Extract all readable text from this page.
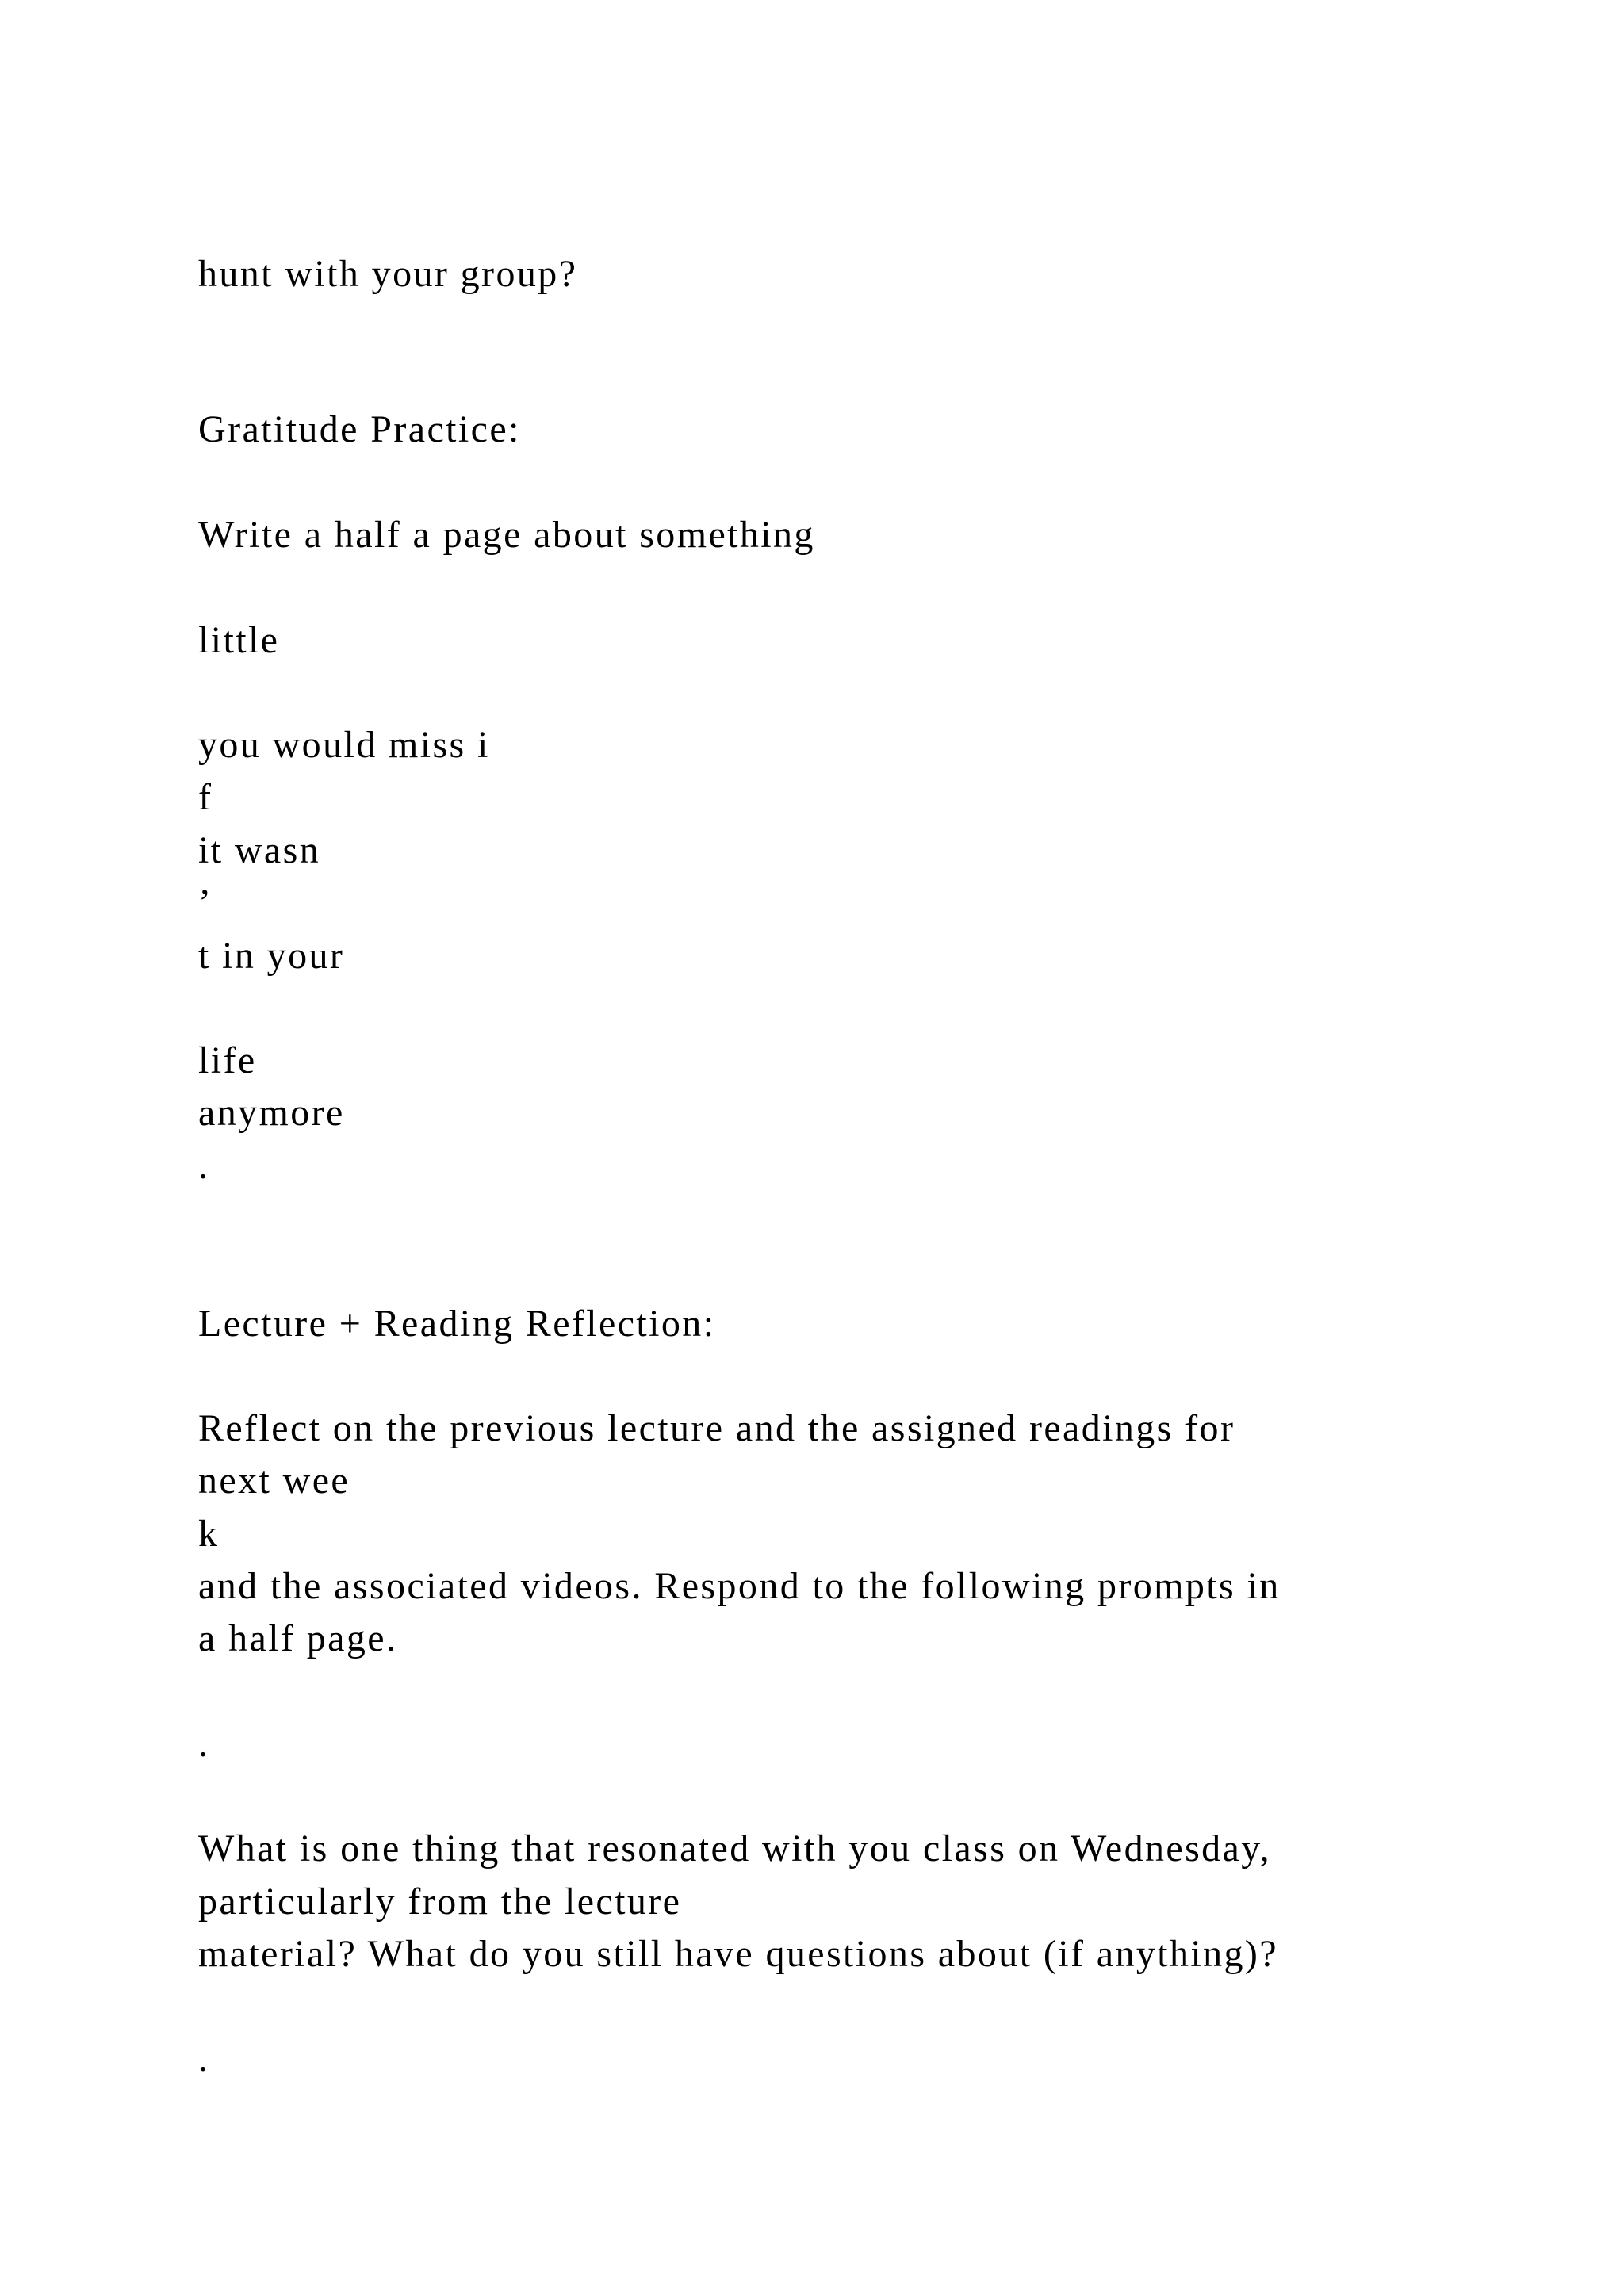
hunt with your group?

Gratitude Practice:

Write a half a page about something

little

you would miss i

f

it wasn

’

t in your

life

anymore

.

Lecture + Reading Reflection:

Reflect on the previous lecture and the assigned readings for

next wee

k

and the associated videos. Respond to the following prompts in

a half page.

.

What is one thing that resonated with you class on Wednesday,

particularly from the lecture

material? What do you still have questions about (if anything)?

.
